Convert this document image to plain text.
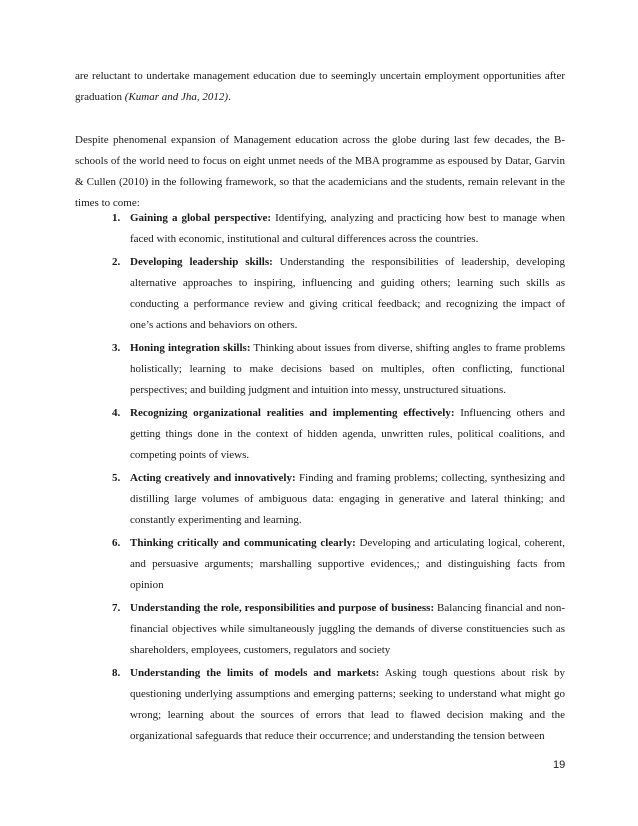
are reluctant to undertake management education due to seemingly uncertain employment opportunities after graduation (Kumar and Jha, 2012).

Despite phenomenal expansion of Management education across the globe during last few decades, the B-schools of the world need to focus on eight unmet needs of the MBA programme as espoused by Datar, Garvin & Cullen (2010) in the following framework, so that the academicians and the students, remain relevant in the times to come:

1. Gaining a global perspective: Identifying, analyzing and practicing how best to manage when faced with economic, institutional and cultural differences across the countries.
2. Developing leadership skills: Understanding the responsibilities of leadership, developing alternative approaches to inspiring, influencing and guiding others; learning such skills as conducting a performance review and giving critical feedback; and recognizing the impact of one’s actions and behaviors on others.
3. Honing integration skills: Thinking about issues from diverse, shifting angles to frame problems holistically; learning to make decisions based on multiples, often conflicting, functional perspectives; and building judgment and intuition into messy, unstructured situations.
4. Recognizing organizational realities and implementing effectively: Influencing others and getting things done in the context of hidden agenda, unwritten rules, political coalitions, and competing points of views.
5. Acting creatively and innovatively: Finding and framing problems; collecting, synthesizing and distilling large volumes of ambiguous data: engaging in generative and lateral thinking; and constantly experimenting and learning.
6. Thinking critically and communicating clearly: Developing and articulating logical, coherent, and persuasive arguments; marshalling supportive evidences,; and distinguishing facts from opinion
7. Understanding the role, responsibilities and purpose of business: Balancing financial and non-financial objectives while simultaneously juggling the demands of diverse constituencies such as shareholders, employees, customers, regulators and society
8. Understanding the limits of models and markets: Asking tough questions about risk by questioning underlying assumptions and emerging patterns; seeking to understand what might go wrong; learning about the sources of errors that lead to flawed decision making and the organizational safeguards that reduce their occurrence; and understanding the tension between
19
